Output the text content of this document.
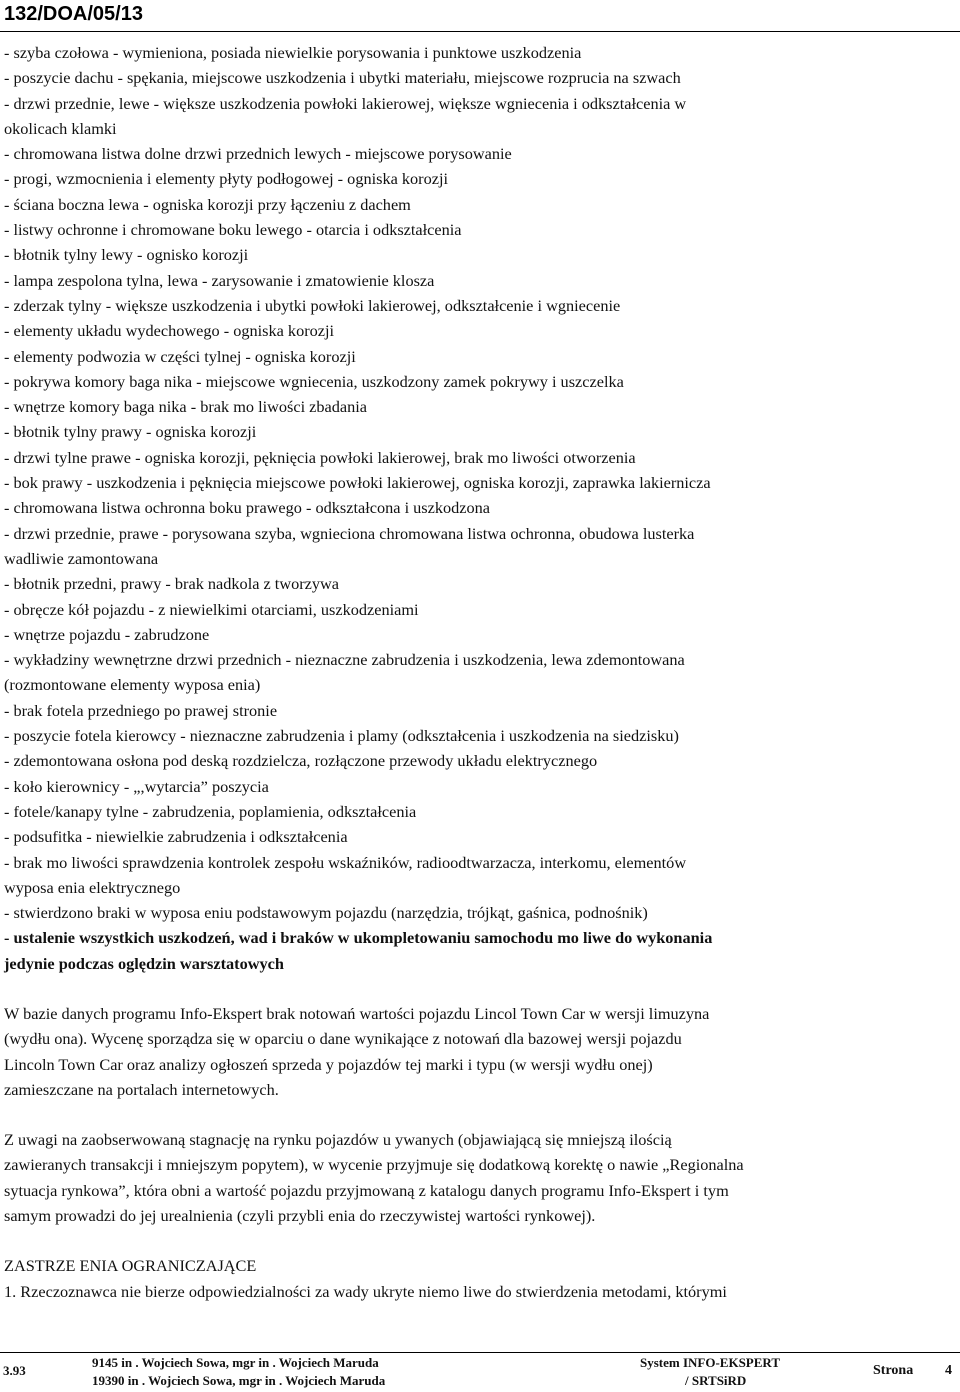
132/DOA/05/13

- szyba czołowa - wymieniona, posiada niewielkie porysowania i punktowe uszkodzenia

- poszycie dachu - spękania, miejscowe uszkodzenia i ubytki materiału, miejscowe rozprucia na szwach

- drzwi przednie, lewe - większe uszkodzenia powłoki lakierowej, większe wgniecenia i odkształcenia w

okolicach klamki

- chromowana listwa dolne drzwi przednich lewych - miejscowe porysowanie

- progi, wzmocnienia i elementy płyty podłogowej - ogniska korozji

- ściana boczna lewa - ogniska korozji przy łączeniu z dachem

- listwy ochronne i chromowane boku lewego - otarcia i odkształcenia

- błotnik tylny lewy - ognisko korozji

- lampa zespolona tylna, lewa - zarysowanie i zmatowienie klosza

- zderzak tylny - większe uszkodzenia i ubytki powłoki lakierowej, odkształcenie i wgniecenie

- elementy układu wydechowego - ogniska korozji

- elementy podwozia w części tylnej - ogniska korozji

- pokrywa komory baga nika - miejscowe wgniecenia, uszkodzony zamek pokrywy i uszczelka

- wnętrze komory baga nika - brak mo liwości zbadania

- błotnik tylny prawy - ogniska korozji

- drzwi tylne prawe - ogniska korozji, pęknięcia powłoki lakierowej, brak mo liwości otworzenia

- bok prawy - uszkodzenia i pęknięcia miejscowe powłoki lakierowej, ogniska korozji, zaprawka lakiernicza

- chromowana listwa ochronna boku prawego - odkształcona i uszkodzona

- drzwi przednie, prawe - porysowana szyba, wgnieciona chromowana listwa ochronna, obudowa lusterka

wadliwie zamontowana

- błotnik przedni, prawy - brak nadkola z tworzywa

- obręcze kół pojazdu - z niewielkimi otarciami, uszkodzeniami

- wnętrze pojazdu - zabrudzone

- wykładziny wewnętrzne drzwi przednich - nieznaczne zabrudzenia i uszkodzenia, lewa zdemontowana

(rozmontowane elementy wyposa enia)

- brak fotela przedniego po prawej stronie

- poszycie fotela kierowcy - nieznaczne zabrudzenia i plamy (odkształcenia i uszkodzenia na siedzisku)

- zdemontowana osłona pod deską rozdzielcza, rozłączone przewody układu elektrycznego

- koło kierownicy - „,wytarcia” poszycia

- fotele/kanapy tylne - zabrudzenia, poplamienia, odkształcenia

- podsufitka - niewielkie zabrudzenia i odkształcenia

- brak mo liwości sprawdzenia kontrolek zespołu wskaźników, radioodtwarzacza, interkomu, elementów

wyposa enia elektrycznego

- stwierdzono braki w wyposa eniu podstawowym pojazdu (narzędzia, trójkąt, gaśnica, podnośnik)

- ustalenie wszystkich uszkodzeń, wad i braków w ukompletowaniu samochodu mo liwe do wykonania

jedynie podczas oględzin warsztatowych

W bazie danych programu Info-Ekspert brak notowań wartości pojazdu Lincol Town Car w wersji limuzyna

(wydłu ona). Wycenę sporządza się w oparciu o dane wynikające z notowań dla bazowej wersji pojazdu

Lincoln Town Car oraz analizy ogłoszeń sprzeda y pojazdów tej marki i typu (w wersji wydłu onej)

zamieszczane na portalach internetowych.

Z uwagi na zaobserwowaną stagnację na rynku pojazdów u ywanych (objawiającą się mniejszą ilością

zawieranych transakcji i mniejszym popytem), w wycenie przyjmuje się dodatkową korektę o nawie „Regionalna

sytuacja rynkowa”, która obni a wartość pojazdu przyjmowaną z katalogu danych programu Info-Ekspert i tym

samym prowadzi do jej urealnienia (czyli przybli enia do rzeczywistej wartości rynkowej).

ZASTRZE ENIA OGRANICZAJĄCE

1. Rzeczoznawca nie bierze odpowiedzialności za wady ukryte niemo liwe do stwierdzenia metodami, którymi

3.93
9145 in . Wojciech Sowa, mgr in . Wojciech Maruda
19390 in . Wojciech Sowa, mgr in . Wojciech Maruda
System INFO-EKSPERT
/ SRTSiRD
Strona 4
